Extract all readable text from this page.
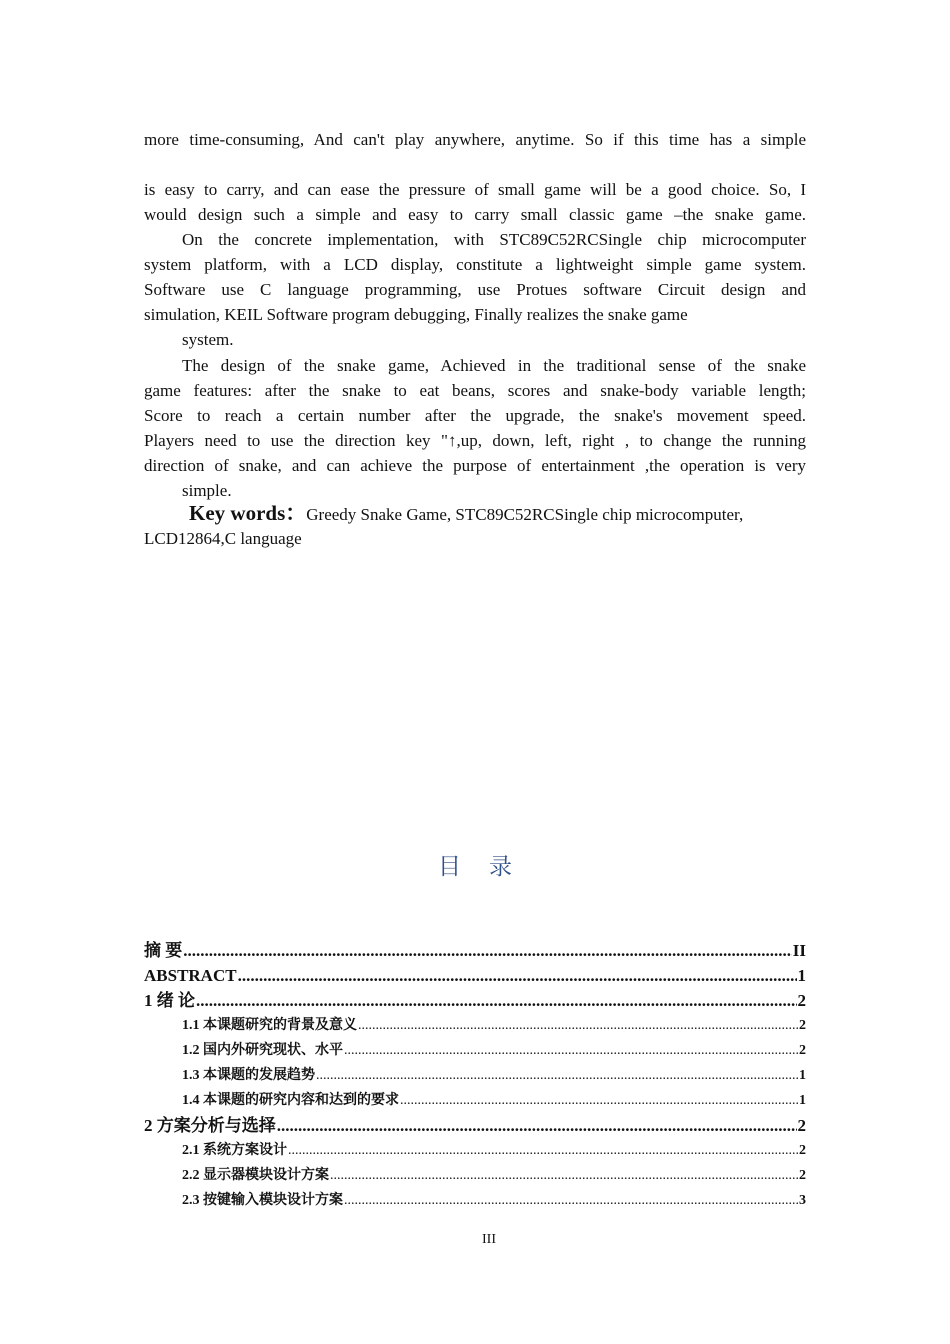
more time-consuming, And can't play anywhere, anytime. So if this time has a simple
is easy to carry, and can ease the pressure of small game will be a good choice. So, I
would design such a simple and easy to carry small classic game –the snake game.
On the concrete implementation, with STC89C52RCSingle chip microcomputer
system platform, with a LCD display, constitute a lightweight simple game system.
Software use C language programming, use Protues software Circuit design and
simulation, KEIL Software program debugging, Finally realizes the snake game
system.
The design of the snake game, Achieved in the traditional sense of the snake
game features: after the snake to eat beans, scores and snake-body variable length;
Score to reach a certain number after the upgrade, the snake's movement speed.
Players need to use the direction key "↑,up, down, left, right , to change the running
direction of snake, and can achieve the purpose of entertainment ,the operation is very
simple.
Key words：Greedy Snake Game, STC89C52RCSingle chip microcomputer,
LCD12864,C language
目录
摘 要 .....	II
ABSTRACT .....	1
1 绪 论 .....	2
1.1 本课题研究的背景及意义 .....	2
1.2 国内外研究现状、水平 .....	2
1.3 本课题的发展趋势 .....	1
1.4 本课题的研究内容和达到的要求 .....	1
2 方案分析与选择 .....	2
2.1 系统方案设计 .....	2
2.2 显示器模块设计方案 .....	2
2.3 按键输入模块设计方案 .....	3
III
